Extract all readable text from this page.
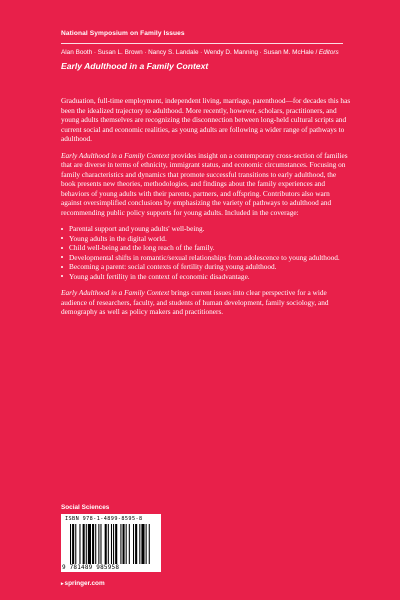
National Symposium on Family Issues
Alan Booth · Susan L. Brown · Nancy S. Landale · Wendy D. Manning · Susan M. McHale / Editors
Early Adulthood in a Family Context

Graduation, full-time employment, independent living, marriage, parenthood—for decades this has been the idealized trajectory to adulthood. More recently, however, scholars, practitioners, and young adults themselves are recognizing the disconnection between long-held cultural scripts and current social and economic realities, as young adults are following a wider range of pathways to adulthood.

Early Adulthood in a Family Context provides insight on a contemporary cross-section of families that are diverse in terms of ethnicity, immigrant status, and economic circumstances. Focusing on family characteristics and dynamics that promote successful transitions to early adulthood, the book presents new theories, methodologies, and findings about the family experiences and behaviors of young adults with their parents, partners, and offspring. Contributors also warn against oversimplified conclusions by emphasizing the variety of pathways to adulthood and recommending public policy supports for young adults. Included in the coverage:

Parental support and young adults' well-being.
Young adults in the digital world.
Child well-being and the long reach of the family.
Developmental shifts in romantic/sexual relationships from adolescence to young adulthood.
Becoming a parent: social contexts of fertility during young adulthood.
Young adult fertility in the context of economic disadvantage.

Early Adulthood in a Family Context brings current issues into clear perspective for a wide audience of researchers, faculty, and students of human development, family sociology, and demography as well as policy makers and practitioners.

Social Sciences
ISBN 978-1-4899-8595-8
9 781489 985958
▸springer.com
